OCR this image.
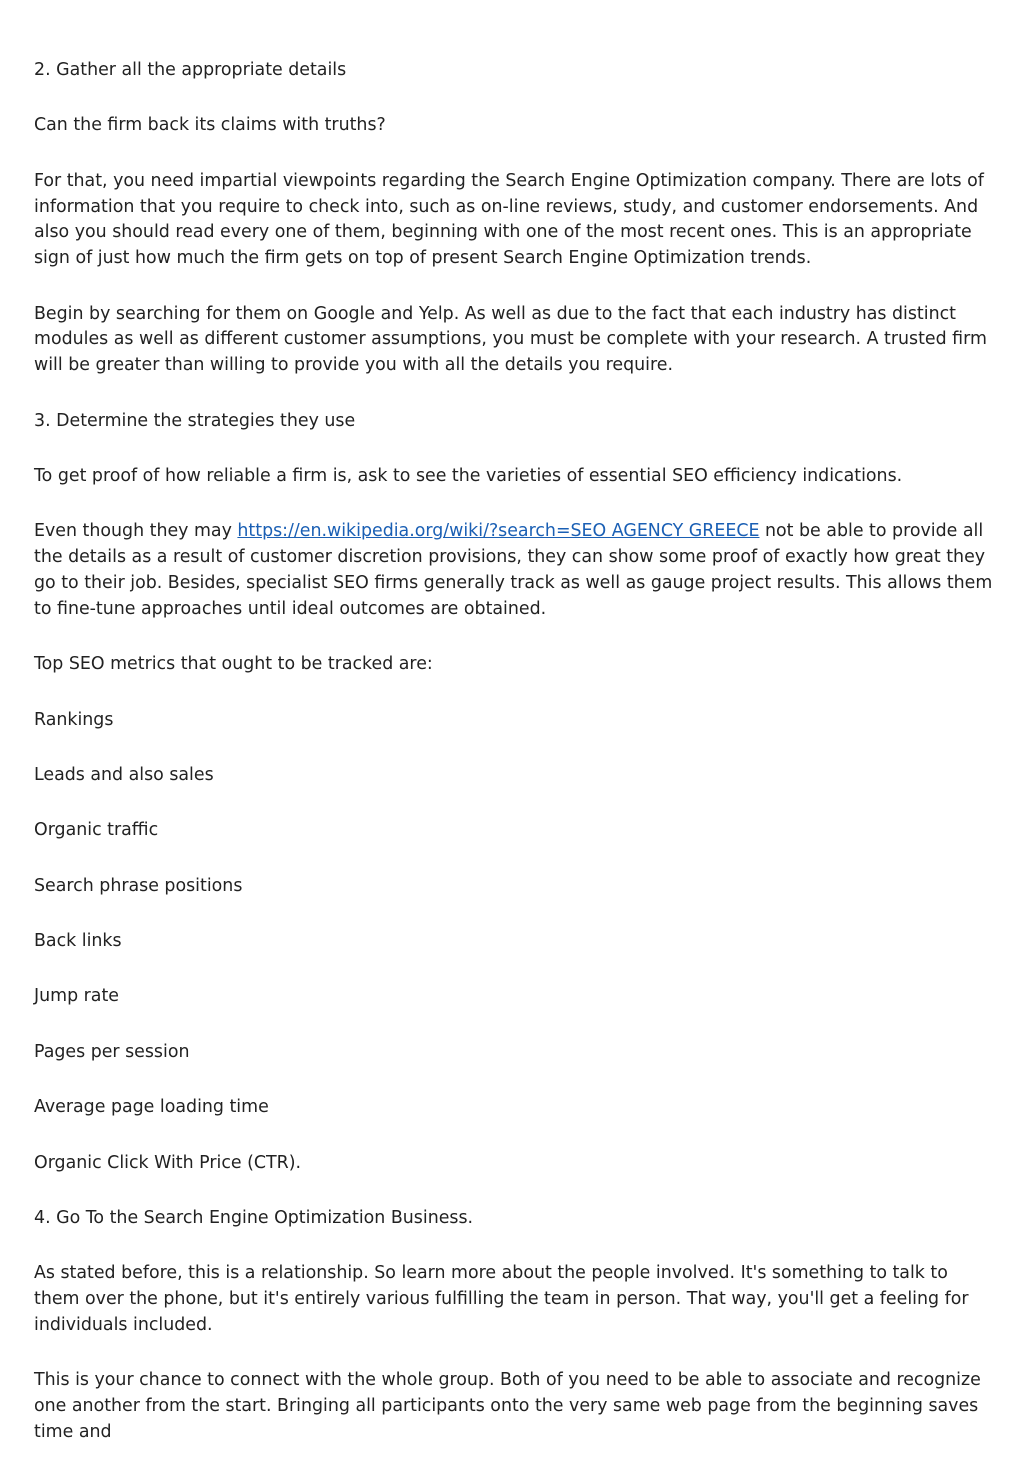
2. Gather all the appropriate details

Can the firm back its claims with truths?

For that, you need impartial viewpoints regarding the Search Engine Optimization company. There are lots of information that you require to check into, such as on-line reviews, study, and customer endorsements. And also you should read every one of them, beginning with one of the most recent ones. This is an appropriate sign of just how much the firm gets on top of present Search Engine Optimization trends.

Begin by searching for them on Google and Yelp. As well as due to the fact that each industry has distinct modules as well as different customer assumptions, you must be complete with your research. A trusted firm will be greater than willing to provide you with all the details you require.

3. Determine the strategies they use

To get proof of how reliable a firm is, ask to see the varieties of essential SEO efficiency indications.

Even though they may https://en.wikipedia.org/wiki/?search=SEO AGENCY GREECE not be able to provide all the details as a result of customer discretion provisions, they can show some proof of exactly how great they go to their job. Besides, specialist SEO firms generally track as well as gauge project results. This allows them to fine-tune approaches until ideal outcomes are obtained.

Top SEO metrics that ought to be tracked are:

Rankings

Leads and also sales

Organic traffic

Search phrase positions

Back links

Jump rate

Pages per session

Average page loading time

Organic Click With Price (CTR).

4. Go To the Search Engine Optimization Business.

As stated before, this is a relationship. So learn more about the people involved. It's something to talk to them over the phone, but it's entirely various fulfilling the team in person. That way, you'll get a feeling for individuals included.

This is your chance to connect with the whole group. Both of you need to be able to associate and recognize one another from the start. Bringing all participants onto the very same web page from the beginning saves time and
